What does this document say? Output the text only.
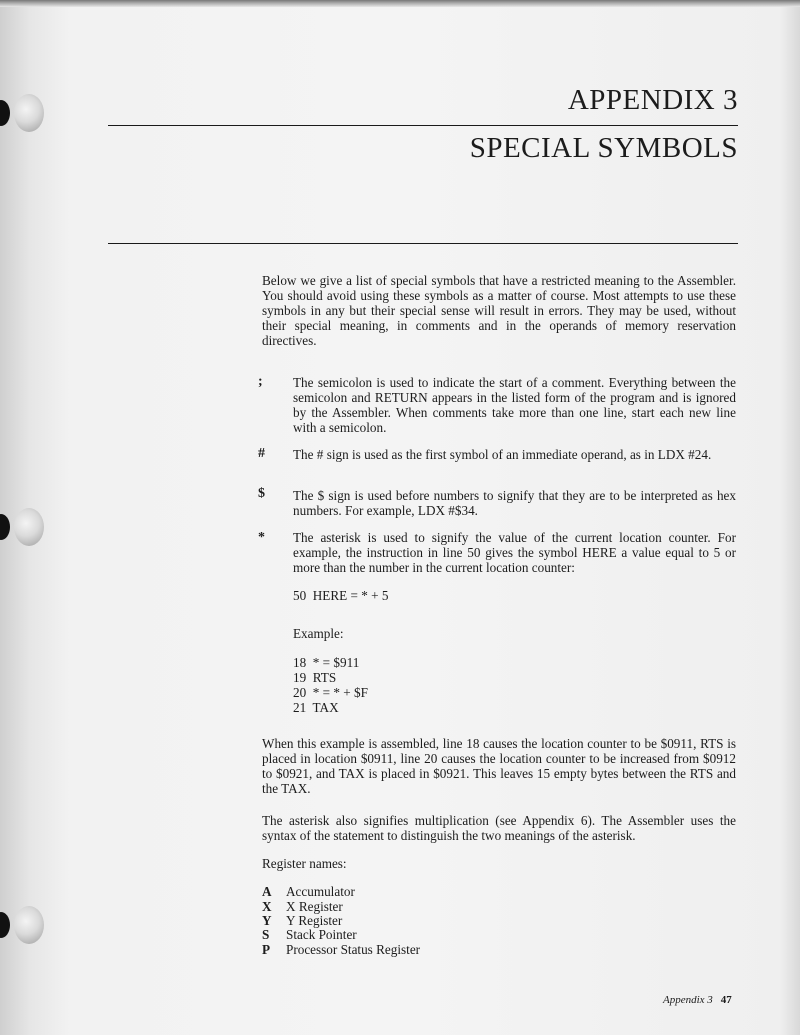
APPENDIX 3
SPECIAL SYMBOLS

Below we give a list of special symbols that have a restricted meaning to the Assembler. You should avoid using these symbols as a matter of course. Most attempts to use these symbols in any but their special sense will result in errors. They may be used, without their special meaning, in comments and in the operands of memory reservation directives.

;	The semicolon is used to indicate the start of a comment. Everything between the semicolon and RETURN appears in the listed form of the program and is ignored by the Assembler. When comments take more than one line, start each new line with a semicolon.

#	The # sign is used as the first symbol of an immediate operand, as in LDX #24.

$	The $ sign is used before numbers to signify that they are to be interpreted as hex numbers. For example, LDX #$34.

*	The asterisk is used to signify the value of the current location counter. For example, the instruction in line 50 gives the symbol HERE a value equal to 5 or more than the number in the current location counter:

50  HERE = * + 5
Example:
18  * = $911
19  RTS
20  * = * + $F
21  TAX

When this example is assembled, line 18 causes the location counter to be $0911, RTS is placed in location $0911, line 20 causes the location counter to be increased from $0912 to $0921, and TAX is placed in $0921. This leaves 15 empty bytes between the RTS and the TAX.

The asterisk also signifies multiplication (see Appendix 6). The Assembler uses the syntax of the statement to distinguish the two meanings of the asterisk.

Register names:
A Accumulator
X X Register
Y Y Register
S Stack Pointer
P Processor Status Register
Appendix 3 47
